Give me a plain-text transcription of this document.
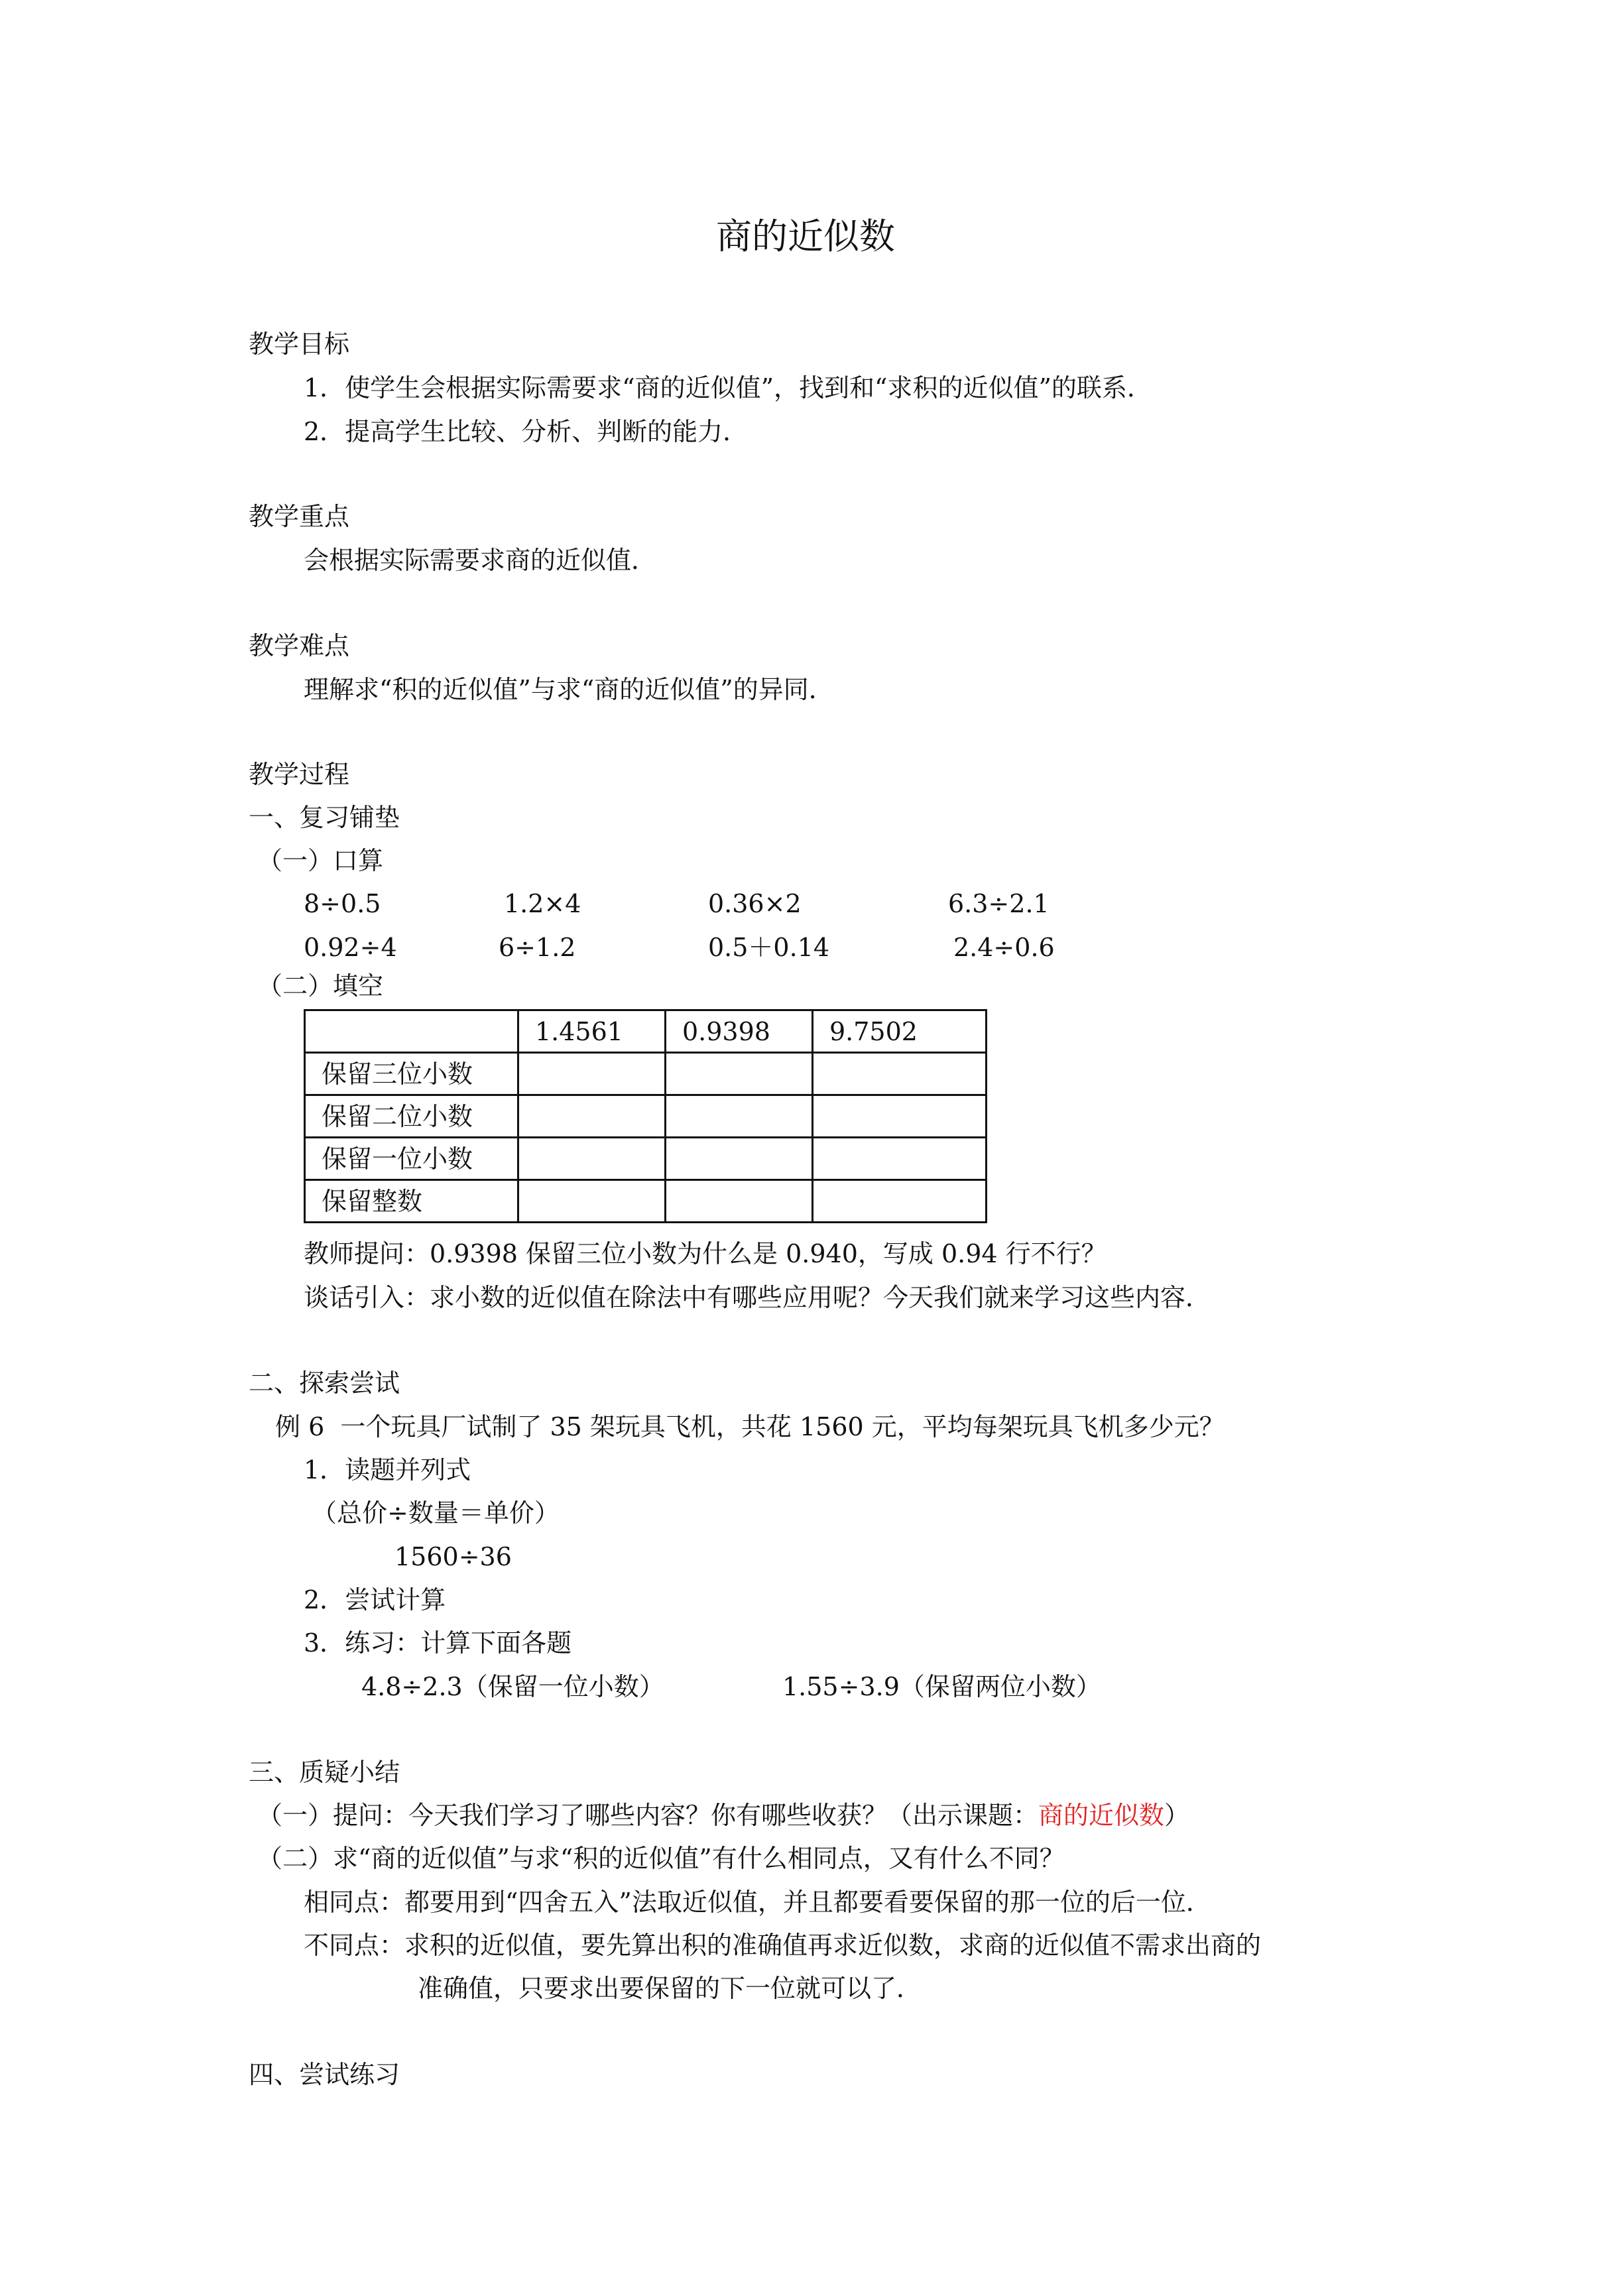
商的近似数
教学目标
1．使学生会根据实际需要求“商的近似值”，找到和“求积的近似值”的联系．
2．提高学生比较、分析、判断的能力．
教学重点
会根据实际需要求商的近似值．
教学难点
理解求“积的近似值”与求“商的近似值”的异同．
教学过程
一、复习铺垫
（一）口算
8÷0.5	1.2×4	0.36×2	6.3÷2.1
0.92÷4	6÷1.2	0.5＋0.14	2.4÷0.6
（二）填空
	1.4561	0.9398	9.7502
保留三位小数			
保留二位小数			
保留一位小数			
保留整数			
教师提问：0.9398 保留三位小数为什么是 0.940，写成 0.94 行不行？
谈话引入：求小数的近似值在除法中有哪些应用呢？今天我们就来学习这些内容．
二、探索尝试
例 6  一个玩具厂试制了 35 架玩具飞机，共花 1560 元，平均每架玩具飞机多少元？
1．读题并列式
（总价÷数量＝单价）
1560÷36
2．尝试计算
3．练习：计算下面各题
4.8÷2.3（保留一位小数）	1.55÷3.9（保留两位小数）
三、质疑小结
（一）提问：今天我们学习了哪些内容？你有哪些收获？（出示课题：商的近似数）
（二）求“商的近似值”与求“积的近似值”有什么相同点，又有什么不同？
相同点：都要用到“四舍五入”法取近似值，并且都要看要保留的那一位的后一位．
不同点：求积的近似值，要先算出积的准确值再求近似数，求商的近似值不需求出商的
准确值，只要求出要保留的下一位就可以了．
四、尝试练习
